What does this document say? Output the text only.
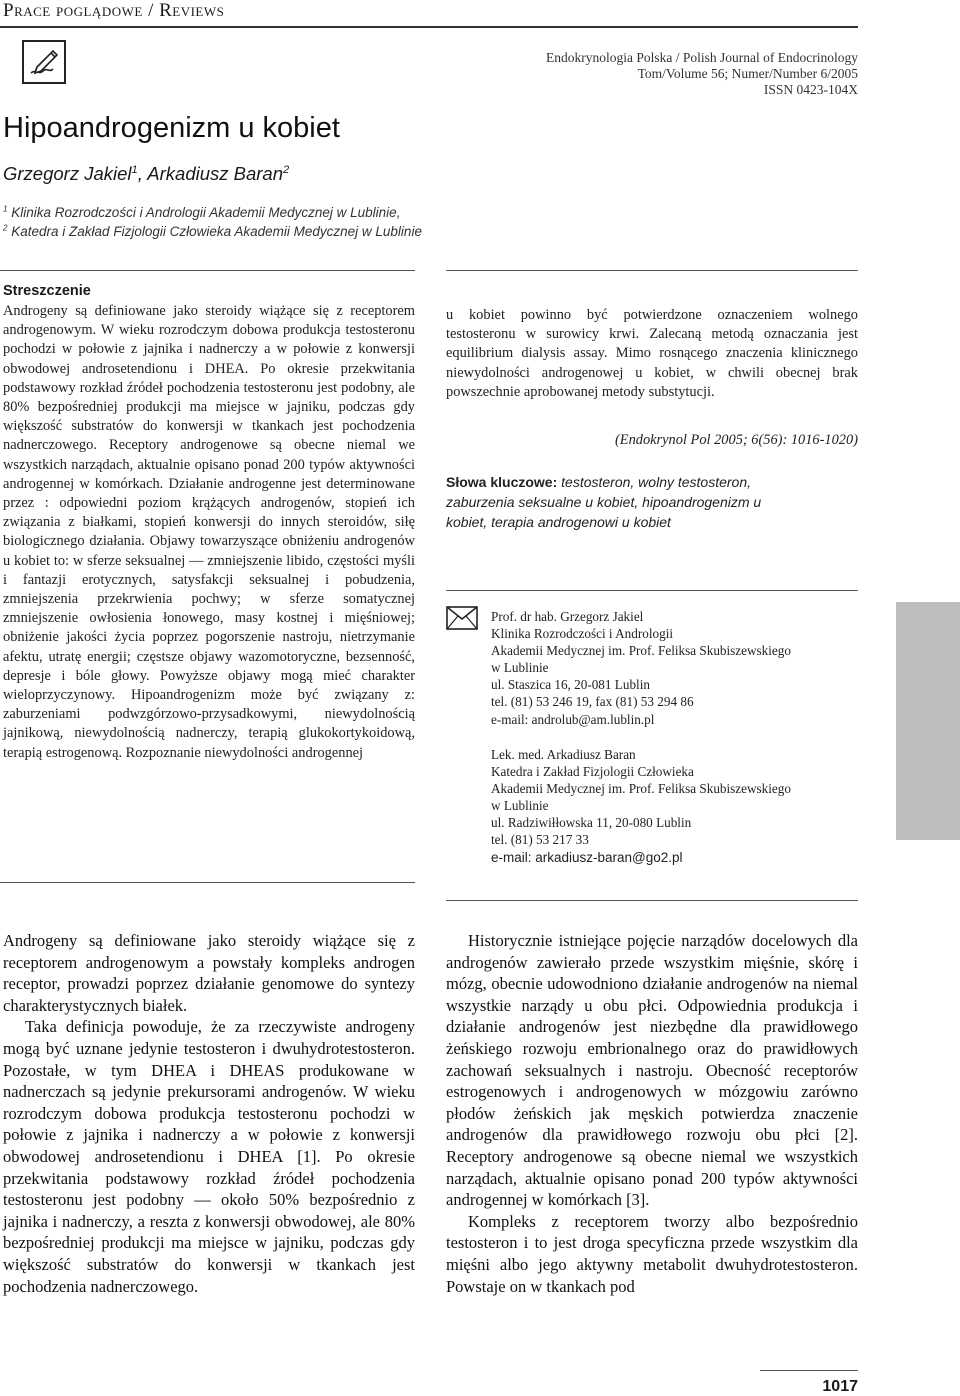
Prace poglądowe / Reviews
Endokrynologia Polska / Polish Journal of Endocrinology
Tom/Volume 56; Numer/Number 6/2005
ISSN 0423-104X
Hipoandrogenizm u kobiet
Grzegorz Jakiel$^1$, Arkadiusz Baran$^2$
$^1$ Klinika Rozrodczości i Andrologii Akademii Medycznej w Lublinie,
$^2$ Katedra i Zakład Fizjologii Człowieka Akademii Medycznej w Lublinie
Streszczenie
Androgeny są definiowane jako steroidy wiążące się z receptorem androgenowym. W wieku rozrodczym dobowa produkcja testosteronu pochodzi w połowie z jajnika i nadnerczy a w połowie z konwersji obwodowej androsetendionu i DHEA. Po okresie przekwitania podstawowy rozkład źródeł pochodzenia testosteronu jest podobny, ale 80% bezpośredniej produkcji ma miejsce w jajniku, podczas gdy większość substratów do konwersji w tkankach jest pochodzenia nadnerczowego. Receptory androgenowe są obecne niemal we wszystkich narządach, aktualnie opisano ponad 200 typów aktywności androgennej w komórkach. Działanie androgenne jest determinowane przez : odpowiedni poziom krążących androgenów, stopień ich związania z białkami, stopień konwersji do innych steroidów, siłę biologicznego działania. Objawy towarzyszące obniżeniu androgenów u kobiet to: w sferze seksualnej — zmniejszenie libido, częstości myśli i fantazji erotycznych, satysfakcji seksualnej i pobudzenia, zmniejszenia przekrwienia pochwy; w sferze somatycznej zmniejszenie owłosienia łonowego, masy kostnej i mięśniowej; obniżenie jakości życia poprzez pogorszenie nastroju, nietrzymanie afektu, utratę energii; częstsze objawy wazomotoryczne, bezsenność, depresje i bóle głowy. Powyższe objawy mogą mieć charakter wieloprzyczynowy. Hipoandrogenizm może być związany z: zaburzeniami podwzgórzowo-przysadkowymi, niewydolnością jajnikową, niewydolnością nadnerczy, terapią glukokortykoidową, terapią estrogenową. Rozpoznanie niewydolności androgennej
u kobiet powinno być potwierdzone oznaczeniem wolnego testosteronu w surowicy krwi. Zalecaną metodą oznaczania jest equilibrium dialysis assay. Mimo rosnącego znaczenia klinicznego niewydolności androgenowej u kobiet, w chwili obecnej brak powszechnie aprobowanej metody substytucji.
(Endokrynol Pol 2005; 6(56): 1016-1020)
Słowa kluczowe: testosteron, wolny testosteron, zaburzenia seksualne u kobiet, hipoandrogenizm u kobiet, terapia androgenowi u kobiet
Prof. dr hab. Grzegorz Jakiel
Klinika Rozrodczości i Andrologii
Akademii Medycznej im. Prof. Feliksa Skubiszewskiego
w Lublinie
ul. Staszica 16, 20-081 Lublin
tel. (81) 53 246 19, fax (81) 53 294 86
e-mail: androlub@am.lublin.pl
Lek. med. Arkadiusz Baran
Katedra i Zakład Fizjologii Człowieka
Akademii Medycznej im. Prof. Feliksa Skubiszewskiego
w Lublinie
ul. Radziwiłłowska 11, 20-080 Lublin
tel. (81) 53 217 33
e-mail: arkadiusz-baran@go2.pl

Androgeny są definiowane jako steroidy wiążące się z receptorem androgenowym a powstały kompleks androgen receptor, prowadzi poprzez działanie genomowe do syntezy charakterystycznych białek.

Taka definicja powoduje, że za rzeczywiste androgeny mogą być uznane jedynie testosteron i dwuhydrotestosteron. Pozostałe, w tym DHEA i DHEAS produkowane w nadnerczach są jedynie prekursorami androgenów. W wieku rozrodczym dobowa produkcja testosteronu pochodzi w połowie z jajnika i nadnerczy a w połowie z konwersji obwodowej androsetendionu i DHEA [1]. Po okresie przekwitania podstawowy rozkład źródeł pochodzenia testosteronu jest podobny — około 50% bezpośrednio z jajnika i nadnerczy, a reszta z konwersji obwodowej, ale 80% bezpośredniej produkcji ma miejsce w jajniku, podczas gdy większość substratów do konwersji w tkankach jest pochodzenia nadnerczowego.

Historycznie istniejące pojęcie narządów docelowych dla androgenów zawierało przede wszystkim mięśnie, skórę i mózg, obecnie udowodniono działanie androgenów na niemal wszystkie narządy u obu płci. Odpowiednia produkcja i działanie androgenów jest niezbędne dla prawidłowego żeńskiego rozwoju embrionalnego oraz do prawidłowych zachowań seksualnych i nastroju. Obecność receptorów estrogenowych i androgenowych w mózgowiu zarówno płodów żeńskich jak męskich potwierdza znaczenie androgenów dla prawidłowego rozwoju obu płci [2]. Receptory androgenowe są obecne niemal we wszystkich narządach, aktualnie opisano ponad 200 typów aktywności androgennej w komórkach [3].

Kompleks z receptorem tworzy albo bezpośrednio testosteron i to jest droga specyficzna przede wszystkim dla mięśni albo jego aktywny metabolit dwuhydrotestosteron. Powstaje on w tkankach pod

1017
